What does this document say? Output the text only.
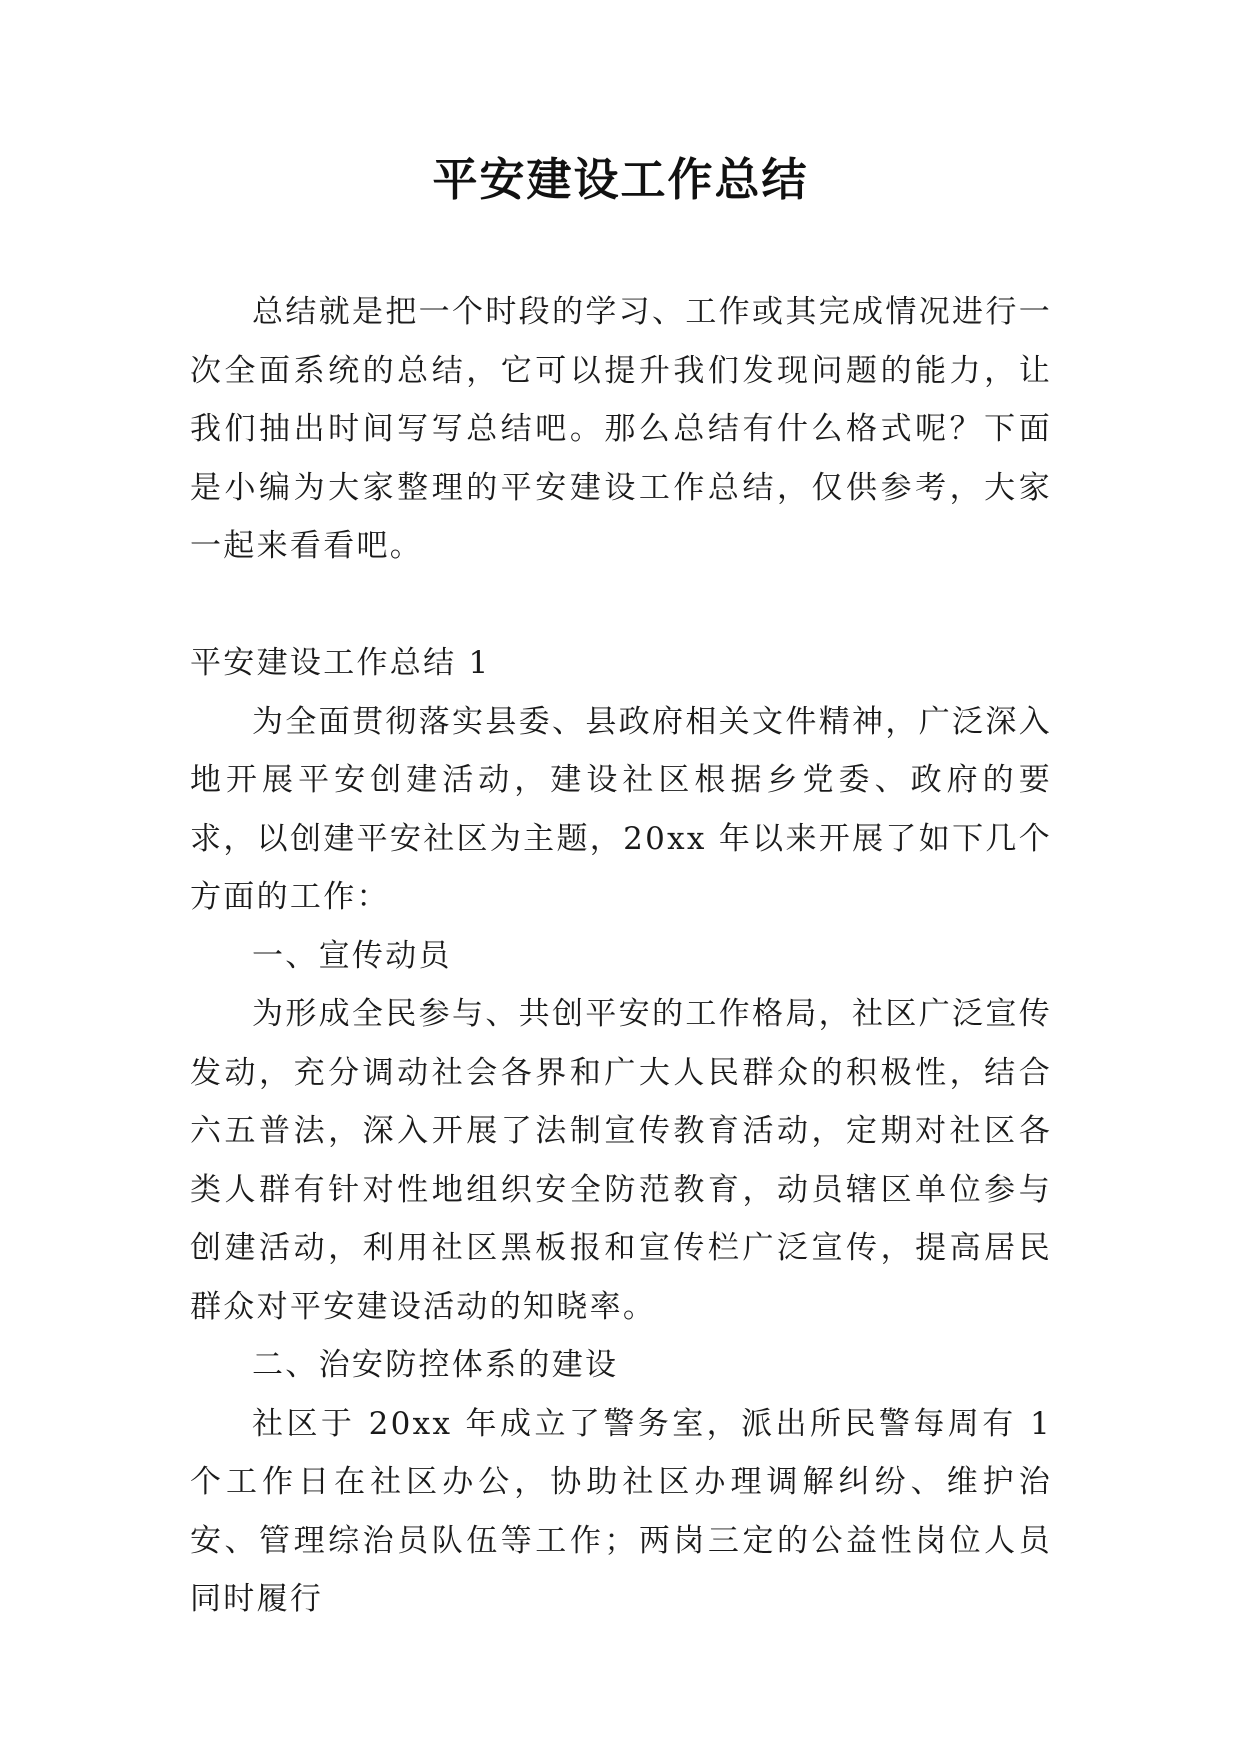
平安建设工作总结

总结就是把一个时段的学习、工作或其完成情况进行一次全面系统的总结，它可以提升我们发现问题的能力，让我们抽出时间写写总结吧。那么总结有什么格式呢？下面是小编为大家整理的平安建设工作总结，仅供参考，大家一起来看看吧。

平安建设工作总结 1

为全面贯彻落实县委、县政府相关文件精神，广泛深入地开展平安创建活动，建设社区根据乡党委、政府的要求，以创建平安社区为主题，20xx 年以来开展了如下几个方面的工作：

一、宣传动员

为形成全民参与、共创平安的工作格局，社区广泛宣传发动，充分调动社会各界和广大人民群众的积极性，结合六五普法，深入开展了法制宣传教育活动，定期对社区各类人群有针对性地组织安全防范教育，动员辖区单位参与创建活动，利用社区黑板报和宣传栏广泛宣传，提高居民群众对平安建设活动的知晓率。

二、治安防控体系的建设

社区于 20xx 年成立了警务室，派出所民警每周有 1 个工作日在社区办公，协助社区办理调解纠纷、维护治安、管理综治员队伍等工作；两岗三定的公益性岗位人员同时履行
